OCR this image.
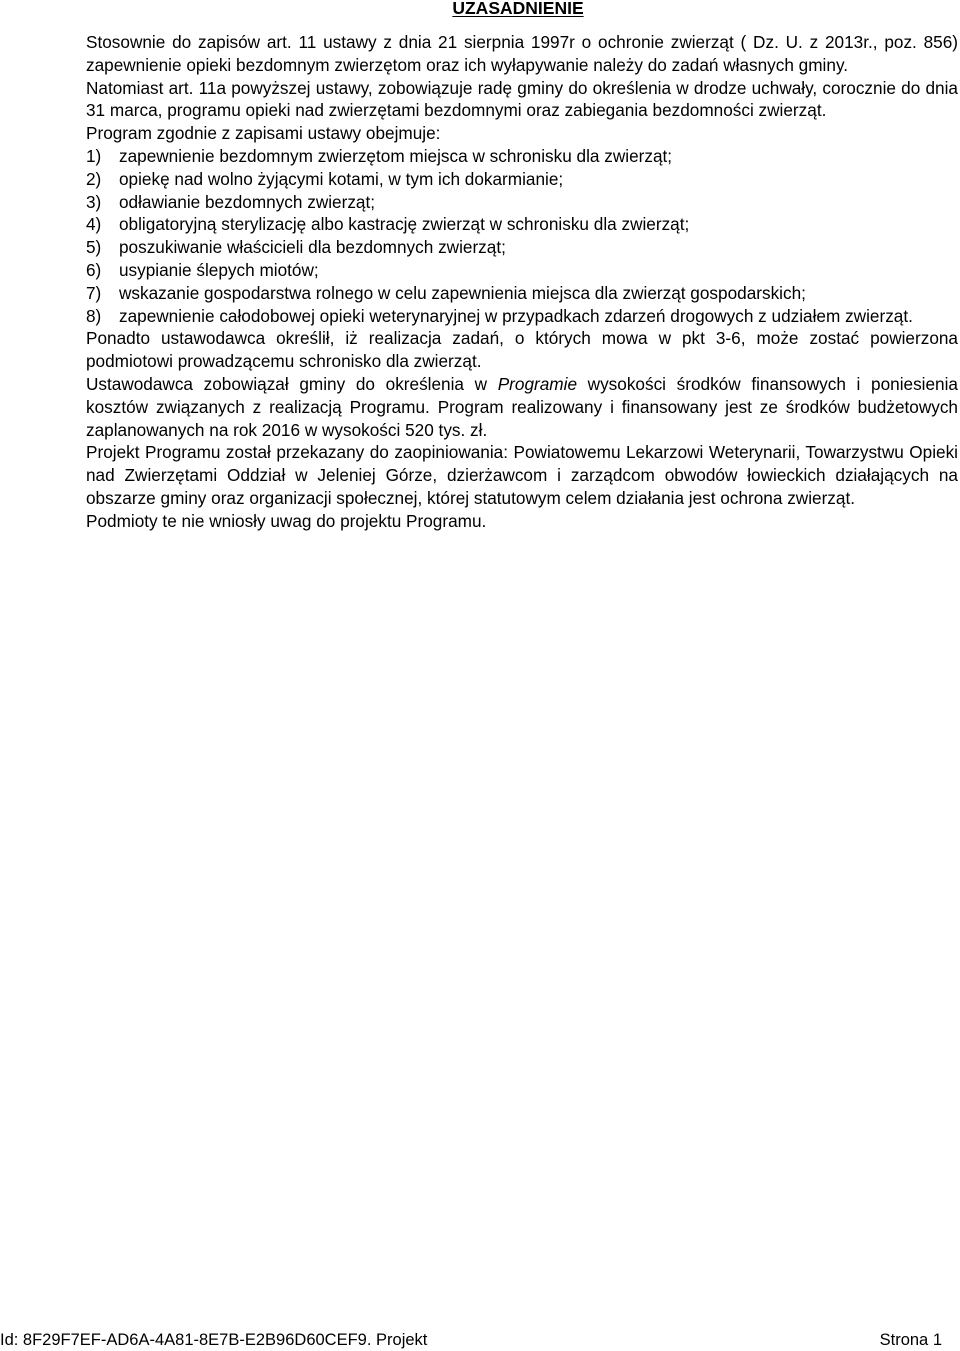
UZASADNIENIE

Stosownie do zapisów art. 11 ustawy z dnia 21 sierpnia 1997r o ochronie zwierząt ( Dz. U. z 2013r., poz. 856) zapewnienie opieki bezdomnym zwierzętom oraz ich wyłapywanie należy do zadań własnych gminy.

Natomiast art. 11a powyższej ustawy, zobowiązuje radę gminy do określenia w drodze uchwały, corocznie do dnia 31 marca, programu opieki nad zwierzętami bezdomnymi oraz zabiegania bezdomności zwierząt.

Program zgodnie z zapisami ustawy obejmuje:

1) zapewnienie bezdomnym zwierzętom miejsca w schronisku dla zwierząt;
2) opiekę nad wolno żyjącymi kotami, w tym ich dokarmianie;
3) odławianie bezdomnych zwierząt;
4) obligatoryjną sterylizację albo kastrację zwierząt w schronisku dla zwierząt;
5) poszukiwanie właścicieli dla bezdomnych zwierząt;
6) usypianie ślepych miotów;
7) wskazanie gospodarstwa rolnego w celu zapewnienia miejsca dla zwierząt gospodarskich;
8) zapewnienie całodobowej opieki weterynaryjnej w przypadkach zdarzeń drogowych z udziałem zwierząt.

Ponadto ustawodawca określił, iż realizacja zadań, o których mowa w pkt 3-6, może zostać powierzona podmiotowi prowadzącemu schronisko dla zwierząt.

Ustawodawca zobowiązał gminy do określenia w Programie wysokości środków finansowych i poniesienia kosztów związanych z realizacją Programu. Program realizowany i finansowany jest ze środków budżetowych zaplanowanych na rok 2016 w wysokości 520 tys. zł.

Projekt Programu został przekazany do zaopiniowania: Powiatowemu Lekarzowi Weterynarii, Towarzystwu Opieki nad Zwierzętami Oddział w Jeleniej Górze, dzierżawcom i zarządcom obwodów łowieckich działających na obszarze gminy oraz organizacji społecznej, której statutowym celem działania jest ochrona zwierząt.

Podmioty te nie wniosły uwag do projektu Programu.

Id: 8F29F7EF-AD6A-4A81-8E7B-E2B96D60CEF9. Projekt	Strona 1
